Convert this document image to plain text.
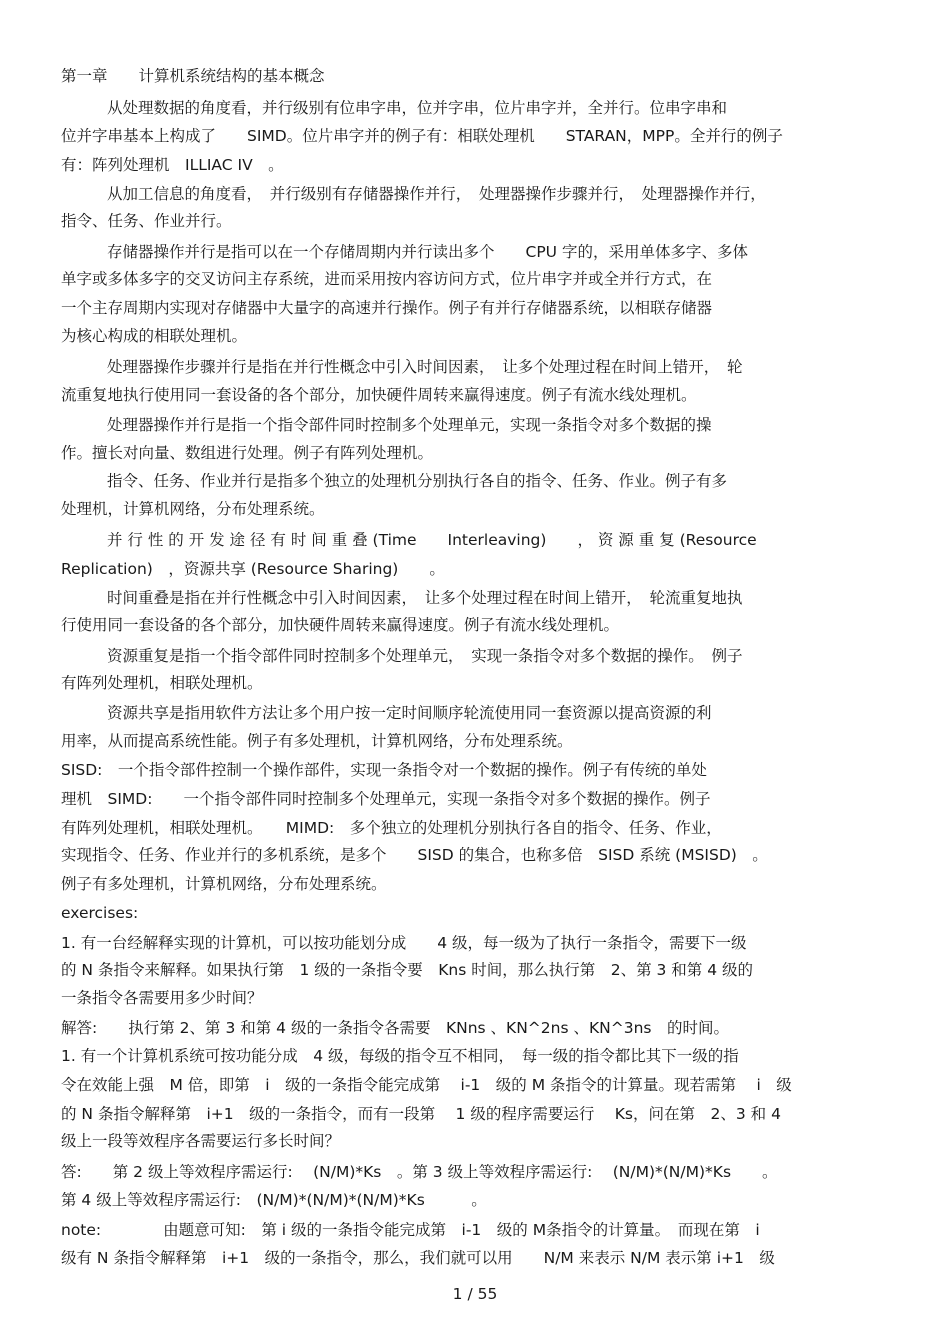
第一章　　计算机系统结构的基本概念
从处理数据的角度看，并行级别有位串字串，位并字串，位片串字并，全并行。位串字串和
位并字串基本上构成了　　SIMD。位片串字并的例子有：相联处理机　　STARAN，MPP。全并行的例子
有：阵列处理机　ILLIAC IV　。
从加工信息的角度看，　并行级别有存储器操作并行，　处理器操作步骤并行，　处理器操作并行，
指令、任务、作业并行。
存储器操作并行是指可以在一个存储周期内并行读出多个　　CPU 字的，采用单体多字、多体
单字或多体多字的交叉访问主存系统，进而采用按内容访问方式，位片串字并或全并行方式，在
一个主存周期内实现对存储器中大量字的高速并行操作。例子有并行存储器系统，以相联存储器
为核心构成的相联处理机。
处理器操作步骤并行是指在并行性概念中引入时间因素，　让多个处理过程在时间上错开，　轮
流重复地执行使用同一套设备的各个部分，加快硬件周转来赢得速度。例子有流水线处理机。
处理器操作并行是指一个指令部件同时控制多个处理单元，实现一条指令对多个数据的操
作。擅长对向量、数组进行处理。例子有阵列处理机。
指令、任务、作业并行是指多个独立的处理机分别执行各自的指令、任务、作业。例子有多
处理机，计算机网络，分布处理系统。
并 行 性 的 开 发 途 径 有 时 间 重 叠 (Time　　Interleaving)　　， 资 源 重 复 (Resource
Replication)　，资源共享 (Resource Sharing)　　。
时间重叠是指在并行性概念中引入时间因素，　让多个处理过程在时间上错开，　轮流重复地执
行使用同一套设备的各个部分，加快硬件周转来赢得速度。例子有流水线处理机。
资源重复是指一个指令部件同时控制多个处理单元，　实现一条指令对多个数据的操作。　例子
有阵列处理机，相联处理机。
资源共享是指用软件方法让多个用户按一定时间顺序轮流使用同一套资源以提高资源的利
用率，从而提高系统性能。例子有多处理机，计算机网络，分布处理系统。
SISD:　一个指令部件控制一个操作部件，实现一条指令对一个数据的操作。例子有传统的单处
理机　SIMD:　　一个指令部件同时控制多个处理单元，实现一条指令对多个数据的操作。例子
有阵列处理机，相联处理机。　　MIMD:　多个独立的处理机分别执行各自的指令、任务、作业，
实现指令、任务、作业并行的多机系统，是多个　　SISD 的集合，也称多倍　SISD 系统 (MSISD)　。
例子有多处理机，计算机网络，分布处理系统。
exercises:
1. 有一台经解释实现的计算机，可以按功能划分成　　4 级，每一级为了执行一条指令，需要下一级
的 N 条指令来解释。如果执行第　1 级的一条指令要　Kns 时间，那么执行第　2、第 3 和第 4 级的
一条指令各需要用多少时间？
解答:　　执行第 2、第 3 和第 4 级的一条指令各需要　KNns 、KN^2ns 、KN^3ns　的时间。
1. 有一个计算机系统可按功能分成　4 级，每级的指令互不相同，　每一级的指令都比其下一级的指
令在效能上强　M 倍，即第　i　级的一条指令能完成第　 i-1　级的 M 条指令的计算量。现若需第　 i　级
的 N 条指令解释第　i+1　级的一条指令，而有一段第　 1 级的程序需要运行　 Ks，问在第　2、3 和 4
级上一段等效程序各需要运行多长时间？
答:　　第 2 级上等效程序需运行:　 (N/M)*Ks　。第 3 级上等效程序需运行:　 (N/M)*(N/M)*Ks　　。
第 4 级上等效程序需运行:　(N/M)*(N/M)*(N/M)*Ks　　　。
note:　　　　由题意可知:　第 i 级的一条指令能完成第　i-1　级的 M条指令的计算量。　而现在第　i
级有 N 条指令解释第　i+1　级的一条指令，那么，我们就可以用　　N/M 来表示 N/M 表示第 i+1　级
1 / 55
